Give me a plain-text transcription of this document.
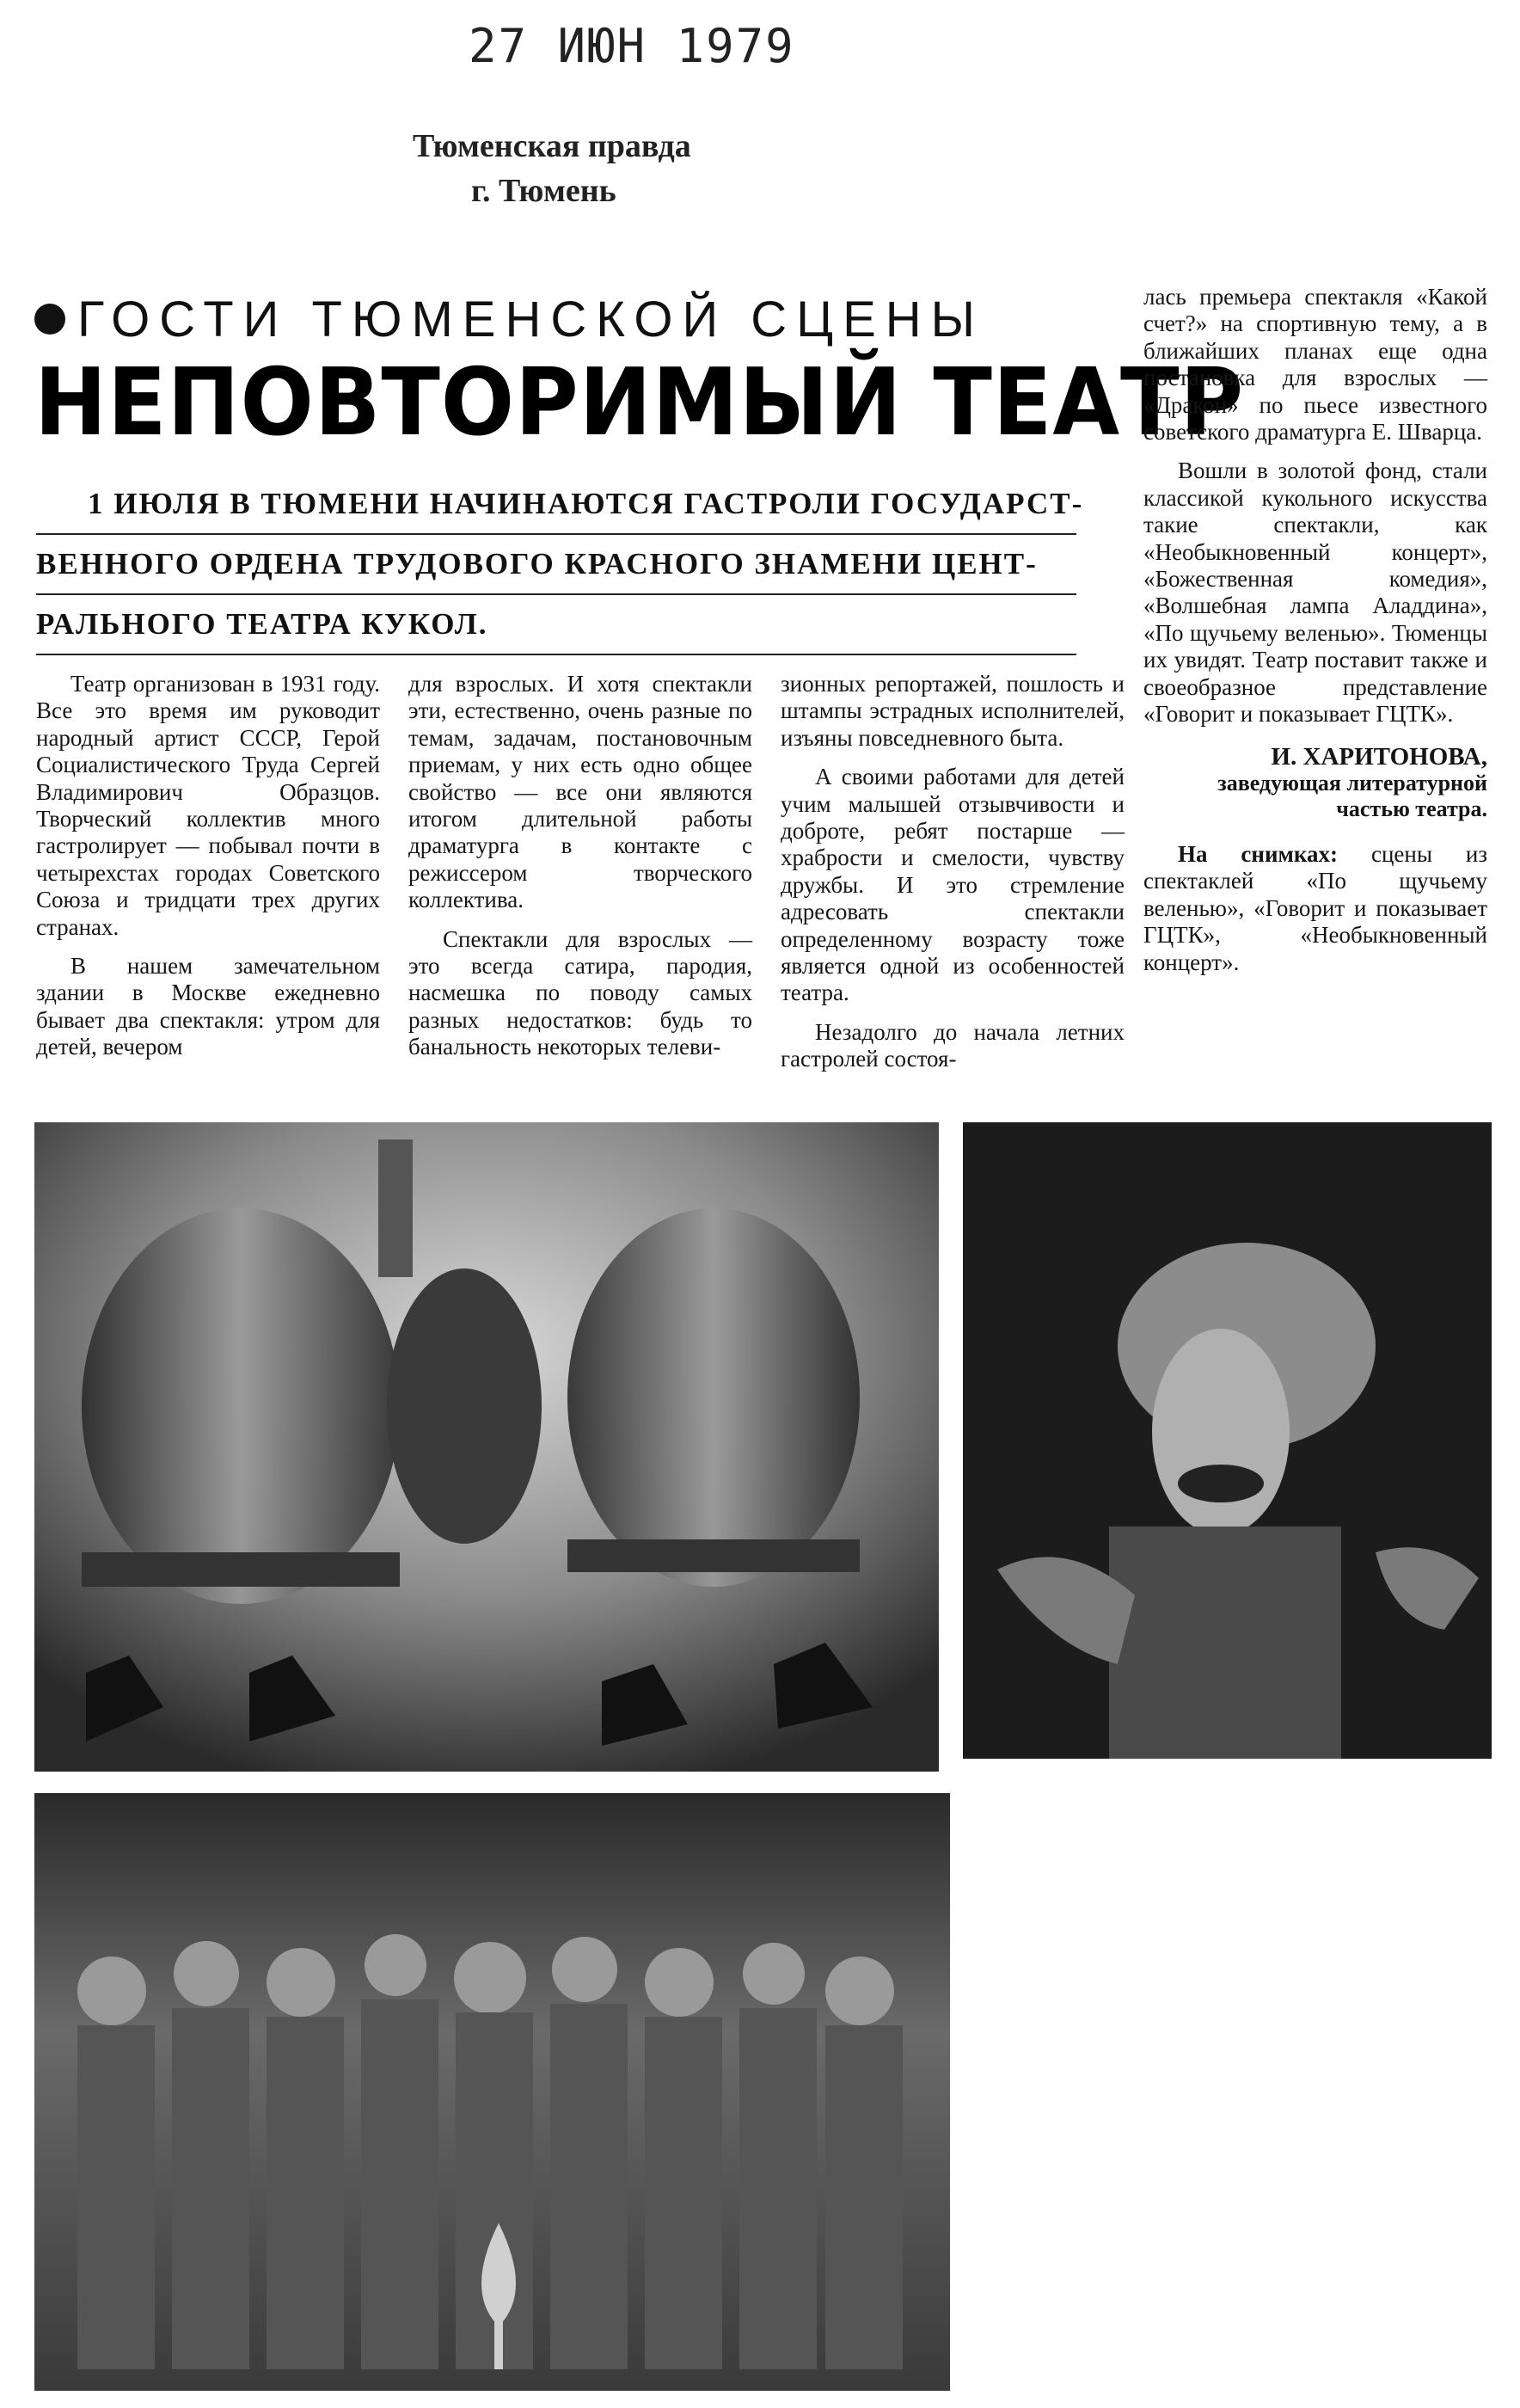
27 ИЮН 1979
Тюменская правда
г. Тюмень
ГОСТИ ТЮМЕНСКОЙ СЦЕНЫ
НЕПОВТОРИМЫЙ ТЕАТР
1 ИЮЛЯ В ТЮМЕНИ НАЧИНАЮТСЯ ГАСТРОЛИ ГОСУДАРСТ-
ВЕННОГО ОРДЕНА ТРУДОВОГО КРАСНОГО ЗНАМЕНИ ЦЕНТ-
РАЛЬНОГО ТЕАТРА КУКОЛ.

Театр организован в 1931 году. Все это время им руководит народный артист СССР, Герой Социалистического Труда Сергей Владимирович Образцов. Творческий коллектив много гастролирует — побывал почти в четырехстах городах Советского Союза и тридцати трех других странах.

В нашем замечательном здании в Москве ежедневно бывает два спектакля: утром для детей, вечером

для взрослых. И хотя спектакли эти, естественно, очень разные по темам, задачам, постановочным приемам, у них есть одно общее свойство — все они являются итогом длительной работы драматурга в контакте с режиссером творческого коллектива.

Спектакли для взрослых — это всегда сатира, пародия, насмешка по поводу самых разных недостатков: будь то банальность некоторых телеви-

зионных репортажей, пошлость и штампы эстрадных исполнителей, изъяны повседневного быта.

А своими работами для детей учим малышей отзывчивости и доброте, ребят постарше — храбрости и смелости, чувству дружбы. И это стремление адресовать спектакли определенному возрасту тоже является одной из особенностей театра.

Незадолго до начала летних гастролей состоя-

лась премьера спектакля «Какой счет?» на спортивную тему, а в ближайших планах еще одна постановка для взрослых — «Дракон» по пьесе известного советского драматурга Е. Шварца.

Вошли в золотой фонд, стали классикой кукольного искусства такие спектакли, как «Необыкновенный концерт», «Божественная комедия», «Волшебная лампа Аладдина», «По щучьему веленью». Тюменцы их увидят. Театр поставит также и своеобразное представление «Говорит и показывает ГЦТК».

И. ХАРИТОНОВА,
заведующая литературной частью театра.

На снимках: сцены из спектаклей «По щучьему веленью», «Говорит и показывает ГЦТК», «Необыкновенный концерт».
